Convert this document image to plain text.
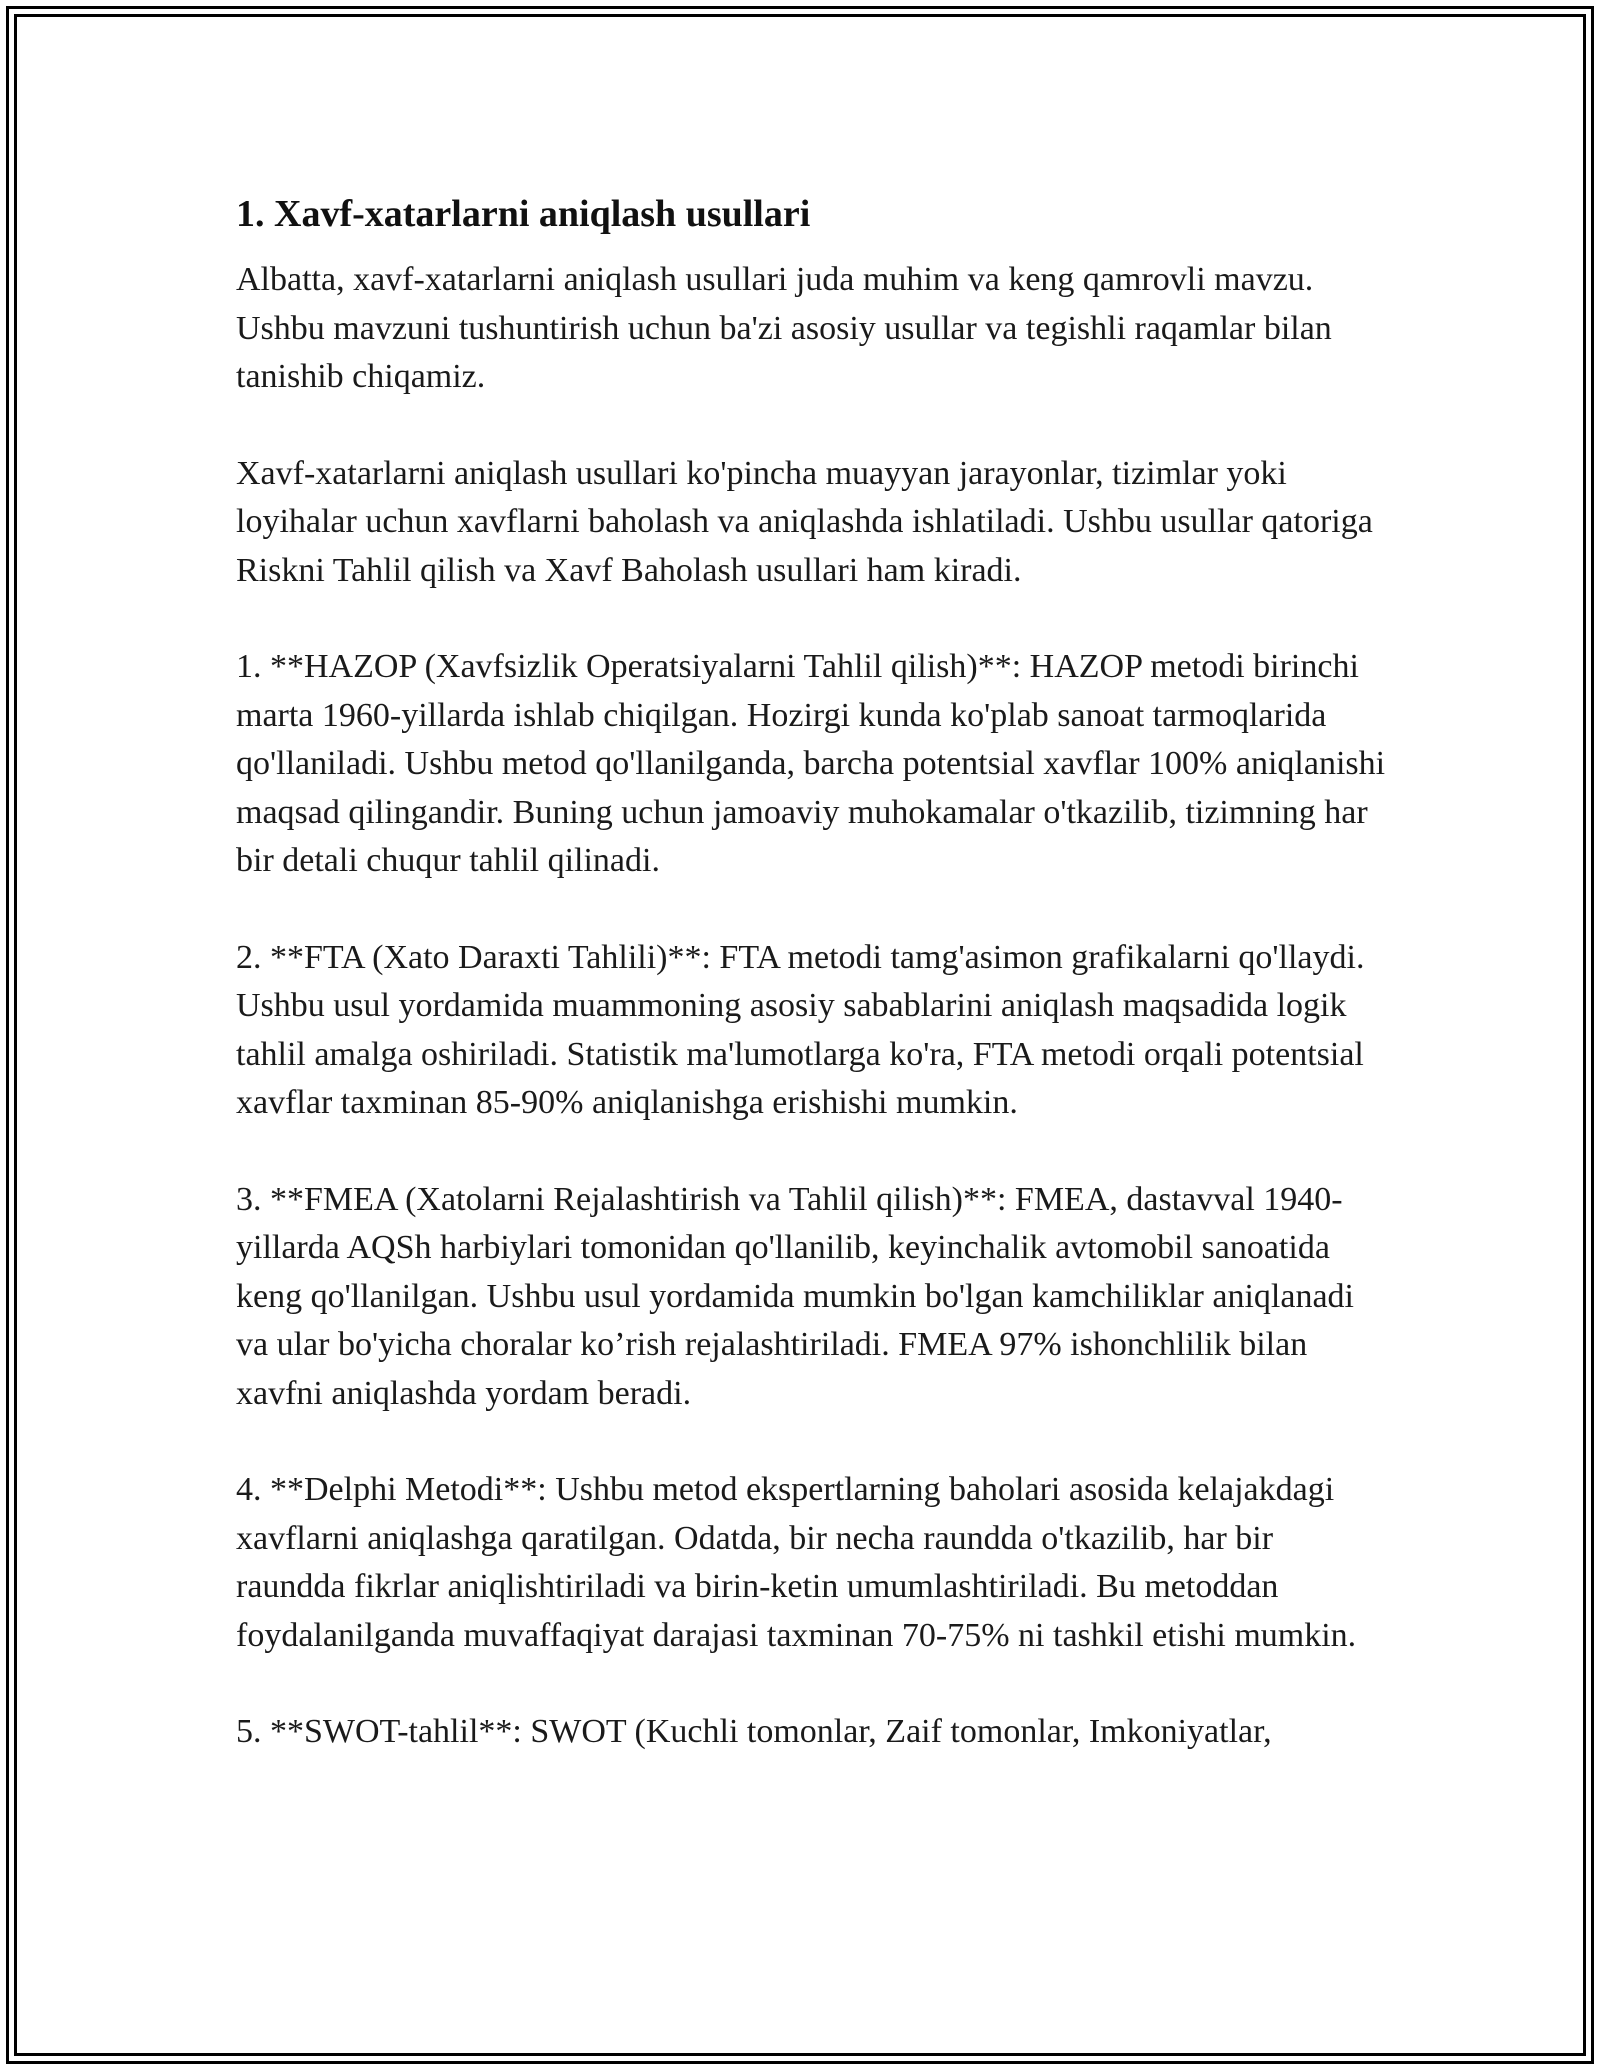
1. Xavf-xatarlarni aniqlash usullari

Albatta, xavf-xatarlarni aniqlash usullari juda muhim va keng qamrovli mavzu. Ushbu mavzuni tushuntirish uchun ba'zi asosiy usullar va tegishli raqamlar bilan tanishib chiqamiz.

Xavf-xatarlarni aniqlash usullari ko'pincha muayyan jarayonlar, tizimlar yoki loyihalar uchun xavflarni baholash va aniqlashda ishlatiladi. Ushbu usullar qatoriga Riskni Tahlil qilish va Xavf Baholash usullari ham kiradi.

1. **HAZOP (Xavfsizlik Operatsiyalarni Tahlil qilish)**: HAZOP metodi birinchi marta 1960-yillarda ishlab chiqilgan. Hozirgi kunda ko'plab sanoat tarmoqlarida qo'llaniladi. Ushbu metod qo'llanilganda, barcha potentsial xavflar 100% aniqlanishi maqsad qilingandir. Buning uchun jamoaviy muhokamalar o'tkazilib, tizimning har bir detali chuqur tahlil qilinadi.

2. **FTA (Xato Daraxti Tahlili)**: FTA metodi tamg'asimon grafikalarni qo'llaydi. Ushbu usul yordamida muammoning asosiy sabablarini aniqlash maqsadida logik tahlil amalga oshiriladi. Statistik ma'lumotlarga ko'ra, FTA metodi orqali potentsial xavflar taxminan 85-90% aniqlanishga erishishi mumkin.

3. **FMEA (Xatolarni Rejalashtirish va Tahlil qilish)**: FMEA, dastavval 1940-yillarda AQSh harbiylari tomonidan qo'llanilib, keyinchalik avtomobil sanoatida keng qo'llanilgan. Ushbu usul yordamida mumkin bo'lgan kamchiliklar aniqlanadi va ular bo'yicha choralar ko’rish rejalashtiriladi. FMEA 97% ishonchlilik bilan xavfni aniqlashda yordam beradi.

4. **Delphi Metodi**: Ushbu metod ekspertlarning baholari asosida kelajakdagi xavflarni aniqlashga qaratilgan. Odatda, bir necha raundda o'tkazilib, har bir raundda fikrlar aniqlishtiriladi va birin-ketin umumlashtiriladi. Bu metoddan foydalanilganda muvaffaqiyat darajasi taxminan 70-75% ni tashkil etishi mumkin.

5. **SWOT-tahlil**: SWOT (Kuchli tomonlar, Zaif tomonlar, Imkoniyatlar,
